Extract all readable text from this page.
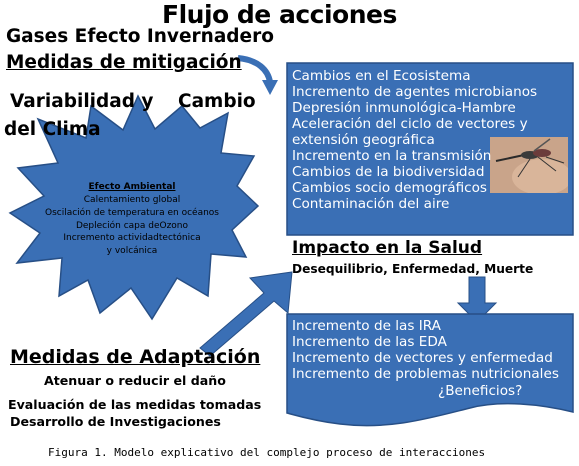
Flujo de acciones
Gases Efecto Invernadero
Medidas de mitigación
Variabilidad y Cambio
del Clima
Efecto Ambiental
Calentamiento global
Oscilación de temperatura en océanos
Depleción capa deOzono
Incremento actividadtectónica
y volcánica
Cambios en el Ecosistema
Incremento de agentes microbianos
Depresión inmunológica-Hambre
Aceleración del ciclo de vectores y
extensión geográfica
Incremento en la transmisión
Cambios de la biodiversidad
Cambios socio demográficos
Contaminación del aire
Impacto en la Salud
Desequilibrio, Enfermedad, Muerte
Incremento de las IRA
Incremento de las EDA
Incremento de vectores y enfermedad
Incremento de problemas nutricionales
¿Beneficios?
Medidas de Adaptación
Atenuar o reducir el daño
Evaluación de las medidas tomadas
Desarrollo de Investigaciones
Figura 1. Modelo explicativo del complejo proceso de interacciones
